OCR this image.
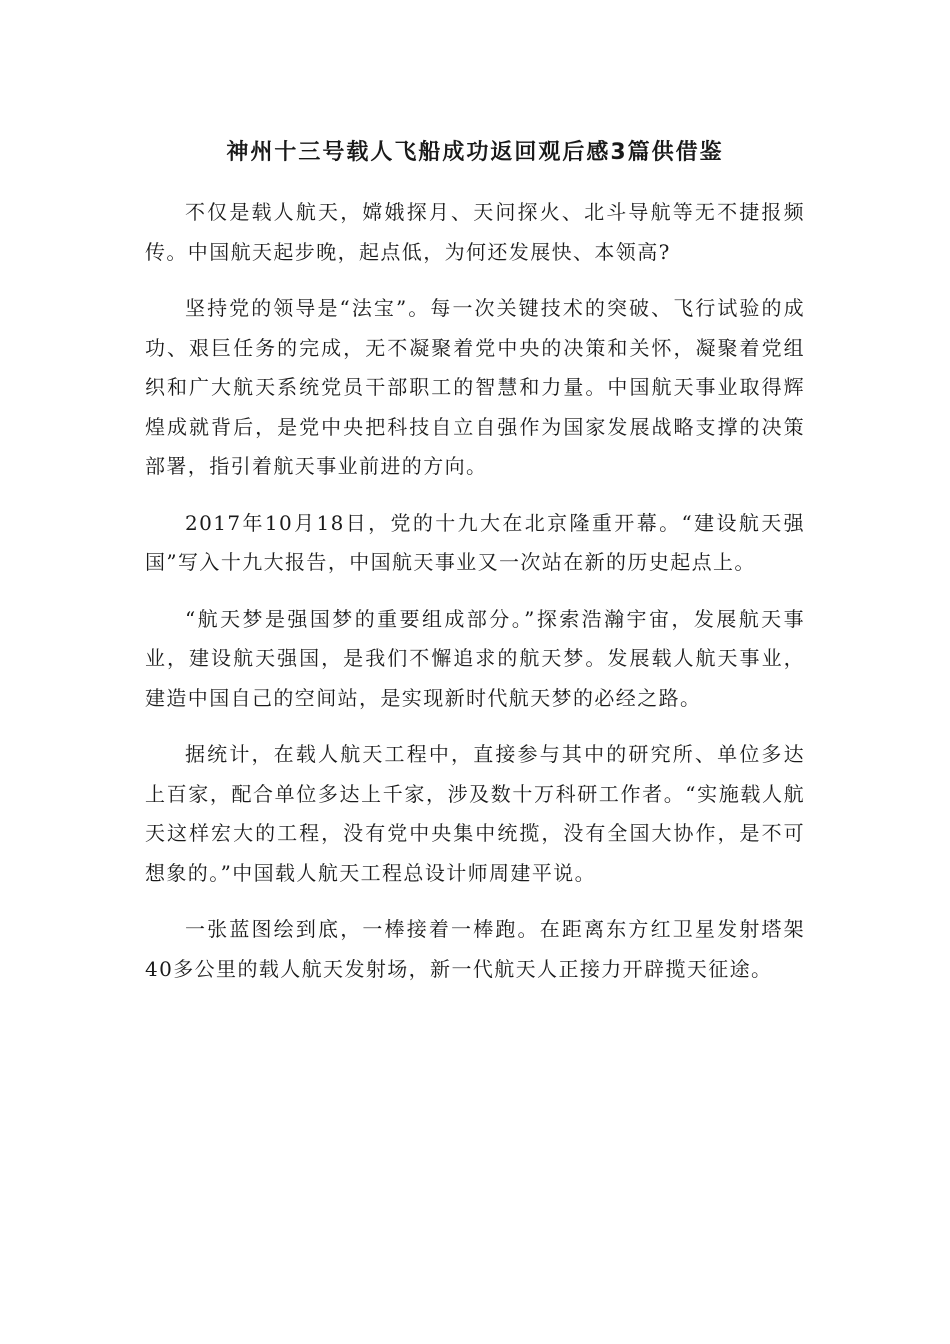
神州十三号载人飞船成功返回观后感3篇供借鉴

不仅是载人航天，嫦娥探月、天问探火、北斗导航等无不捷报频传。中国航天起步晚，起点低，为何还发展快、本领高?

坚持党的领导是“法宝”。每一次关键技术的突破、飞行试验的成功、艰巨任务的完成，无不凝聚着党中央的决策和关怀，凝聚着党组织和广大航天系统党员干部职工的智慧和力量。中国航天事业取得辉煌成就背后，是党中央把科技自立自强作为国家发展战略支撑的决策部署，指引着航天事业前进的方向。

2017年10月18日，党的十九大在北京隆重开幕。“建设航天强国”写入十九大报告，中国航天事业又一次站在新的历史起点上。

“航天梦是强国梦的重要组成部分。”探索浩瀚宇宙，发展航天事业，建设航天强国，是我们不懈追求的航天梦。发展载人航天事业，建造中国自己的空间站，是实现新时代航天梦的必经之路。

据统计，在载人航天工程中，直接参与其中的研究所、单位多达上百家，配合单位多达上千家，涉及数十万科研工作者。“实施载人航天这样宏大的工程，没有党中央集中统揽，没有全国大协作，是不可想象的。”中国载人航天工程总设计师周建平说。

一张蓝图绘到底，一棒接着一棒跑。在距离东方红卫星发射塔架40多公里的载人航天发射场，新一代航天人正接力开辟揽天征途。
